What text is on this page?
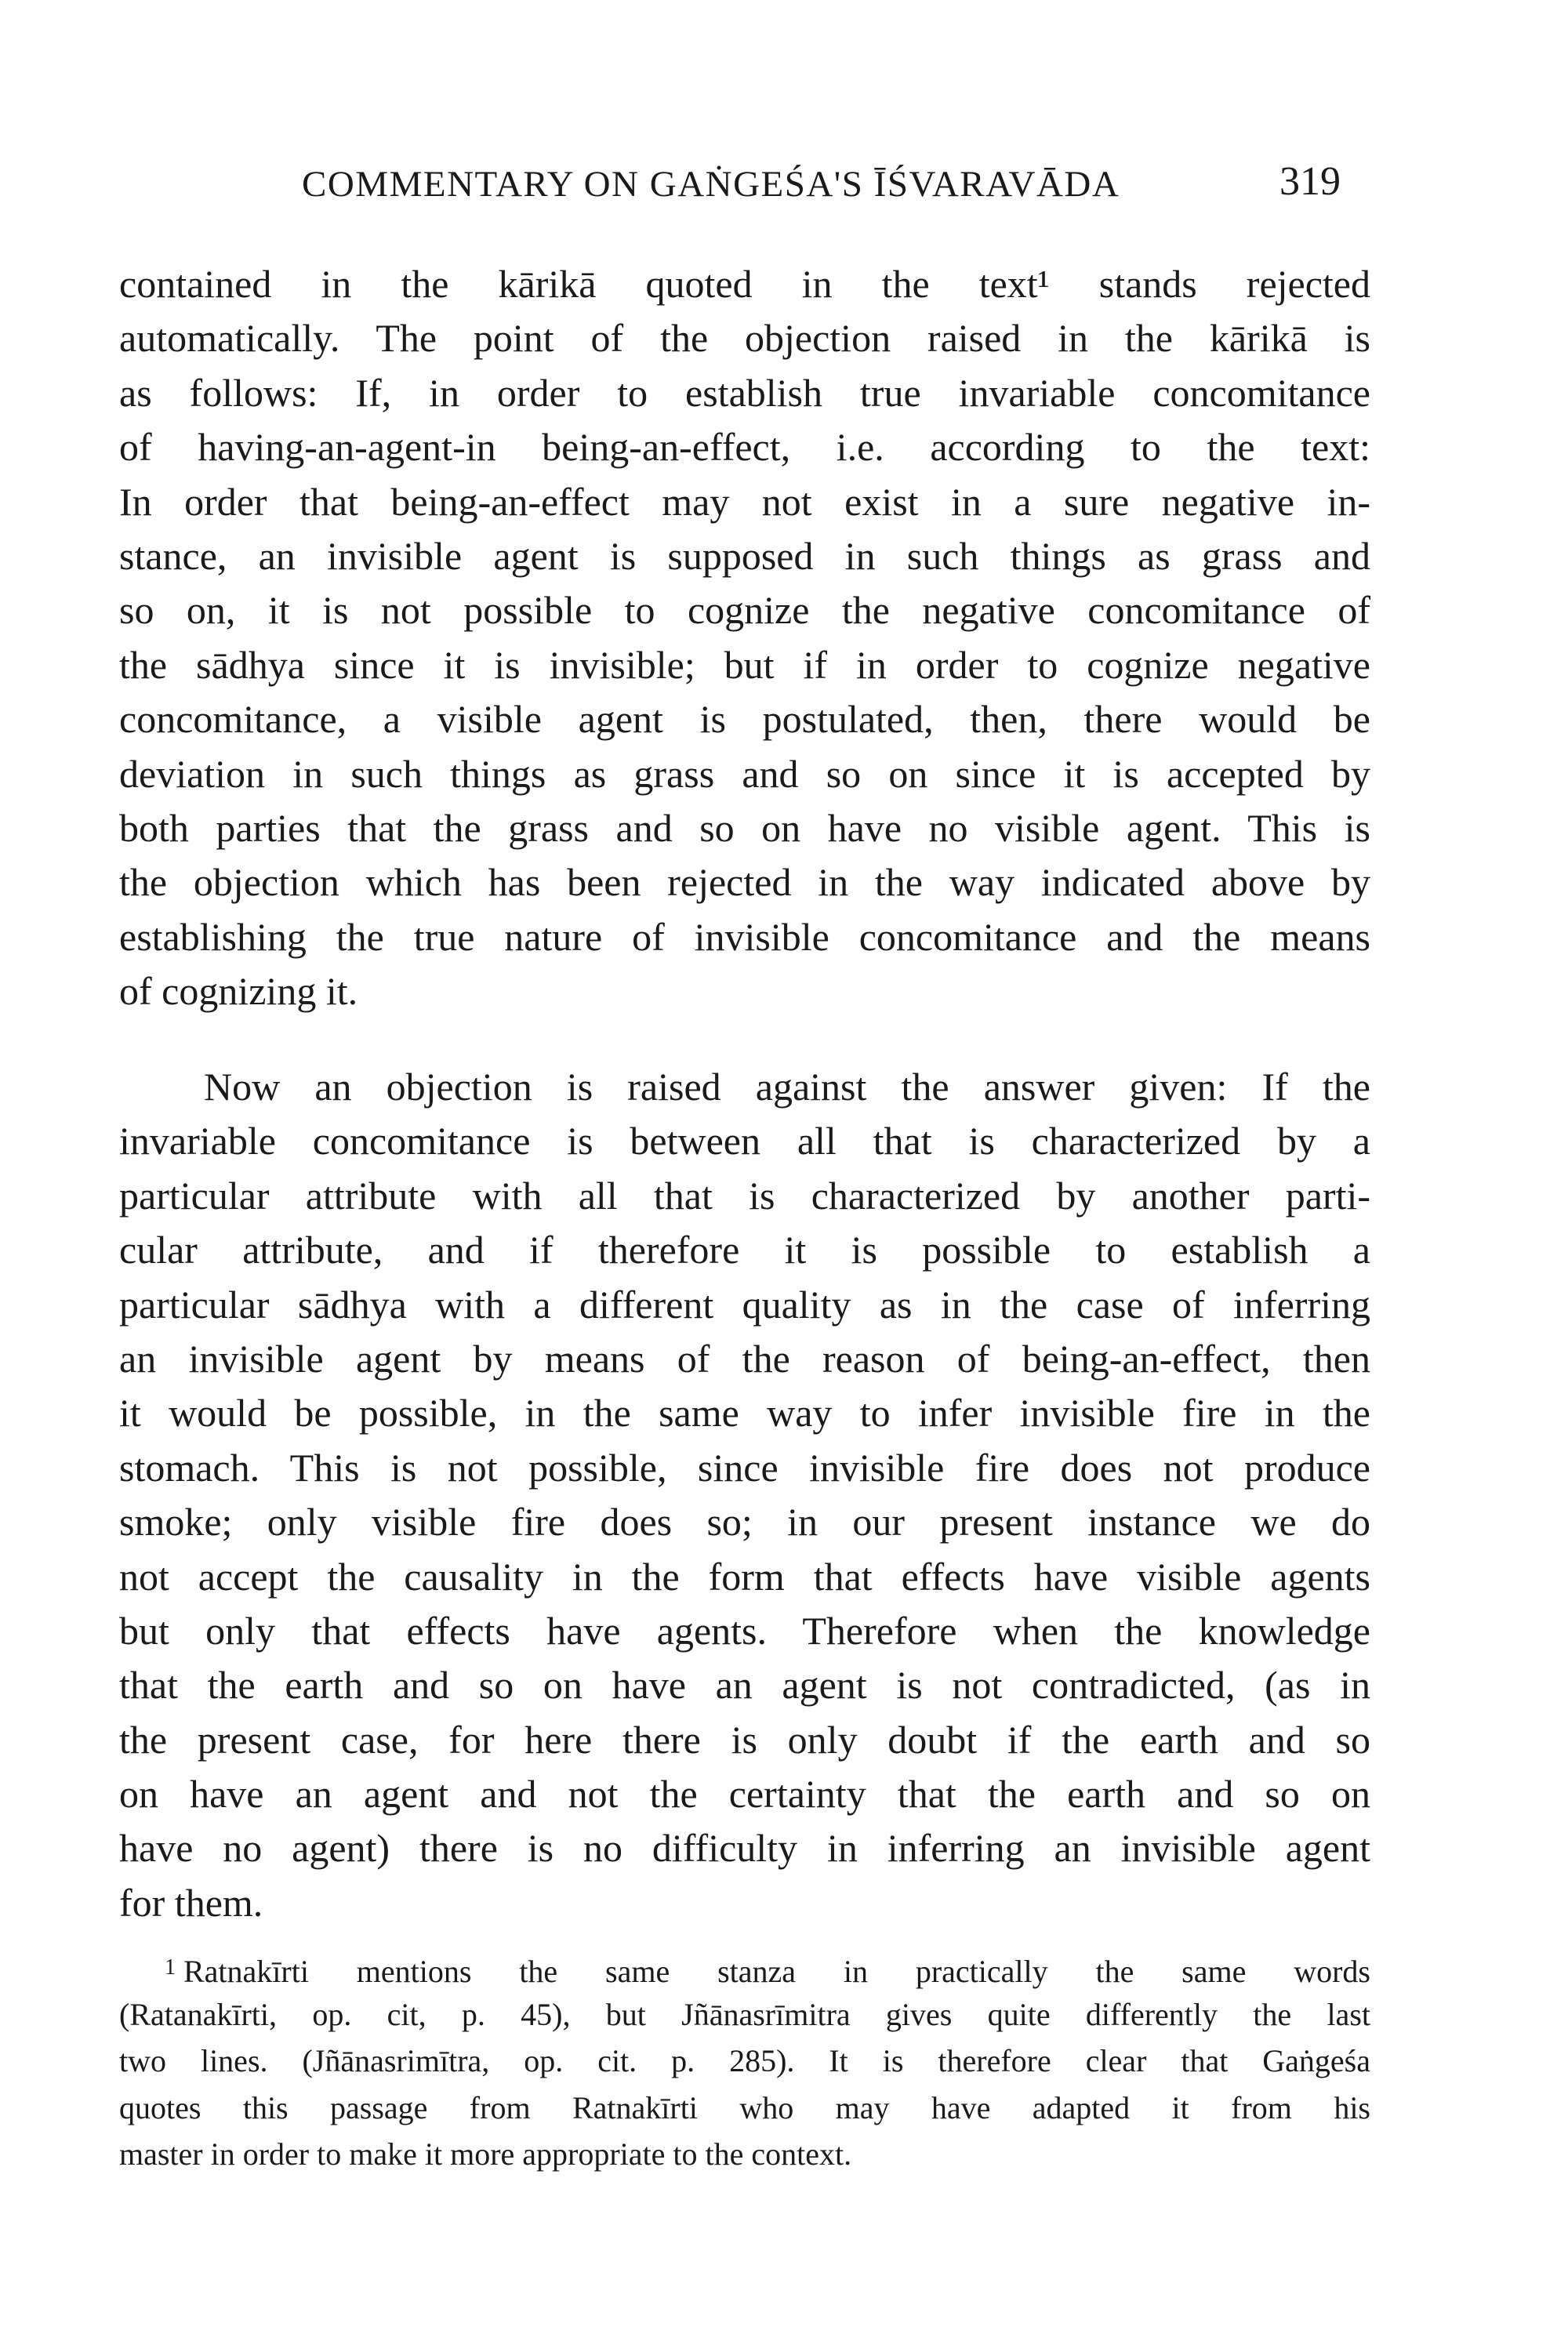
COMMENTARY ON GAṄGEŚA'S ĪŚVARAVĀDA	319

contained in the kārikā quoted in the text¹ stands rejected
automatically. The point of the objection raised in the kārikā is
as follows: If, in order to establish true invariable concomitance
of having-an-agent-in being-an-effect, i.e. according to the text:
In order that being-an-effect may not exist in a sure negative in-
stance, an invisible agent is supposed in such things as grass and
so on, it is not possible to cognize the negative concomitance of
the sādhya since it is invisible; but if in order to cognize negative
concomitance, a visible agent is postulated, then, there would be
deviation in such things as grass and so on since it is accepted by
both parties that the grass and so on have no visible agent. This is
the objection which has been rejected in the way indicated above by
establishing the true nature of invisible concomitance and the means
of cognizing it.

Now an objection is raised against the answer given: If the
invariable concomitance is between all that is characterized by a
particular attribute with all that is characterized by another parti-
cular attribute, and if therefore it is possible to establish a
particular sādhya with a different quality as in the case of inferring
an invisible agent by means of the reason of being-an-effect, then
it would be possible, in the same way to infer invisible fire in the
stomach. This is not possible, since invisible fire does not produce
smoke; only visible fire does so; in our present instance we do
not accept the causality in the form that effects have visible agents
but only that effects have agents. Therefore when the knowledge
that the earth and so on have an agent is not contradicted, (as in
the present case, for here there is only doubt if the earth and so
on have an agent and not the certainty that the earth and so on
have no agent) there is no difficulty in inferring an invisible agent
for them.

$^1$ Ratnakīrti mentions the same stanza in practically the same words
(Ratanakīrti, op. cit, p. 45), but Jñānasrīmitra gives quite differently the last
two lines. (Jñānasrimītra, op. cit. p. 285). It is therefore clear that Gaṅgeśa
quotes this passage from Ratnakīrti who may have adapted it from his
master in order to make it more appropriate to the context.
